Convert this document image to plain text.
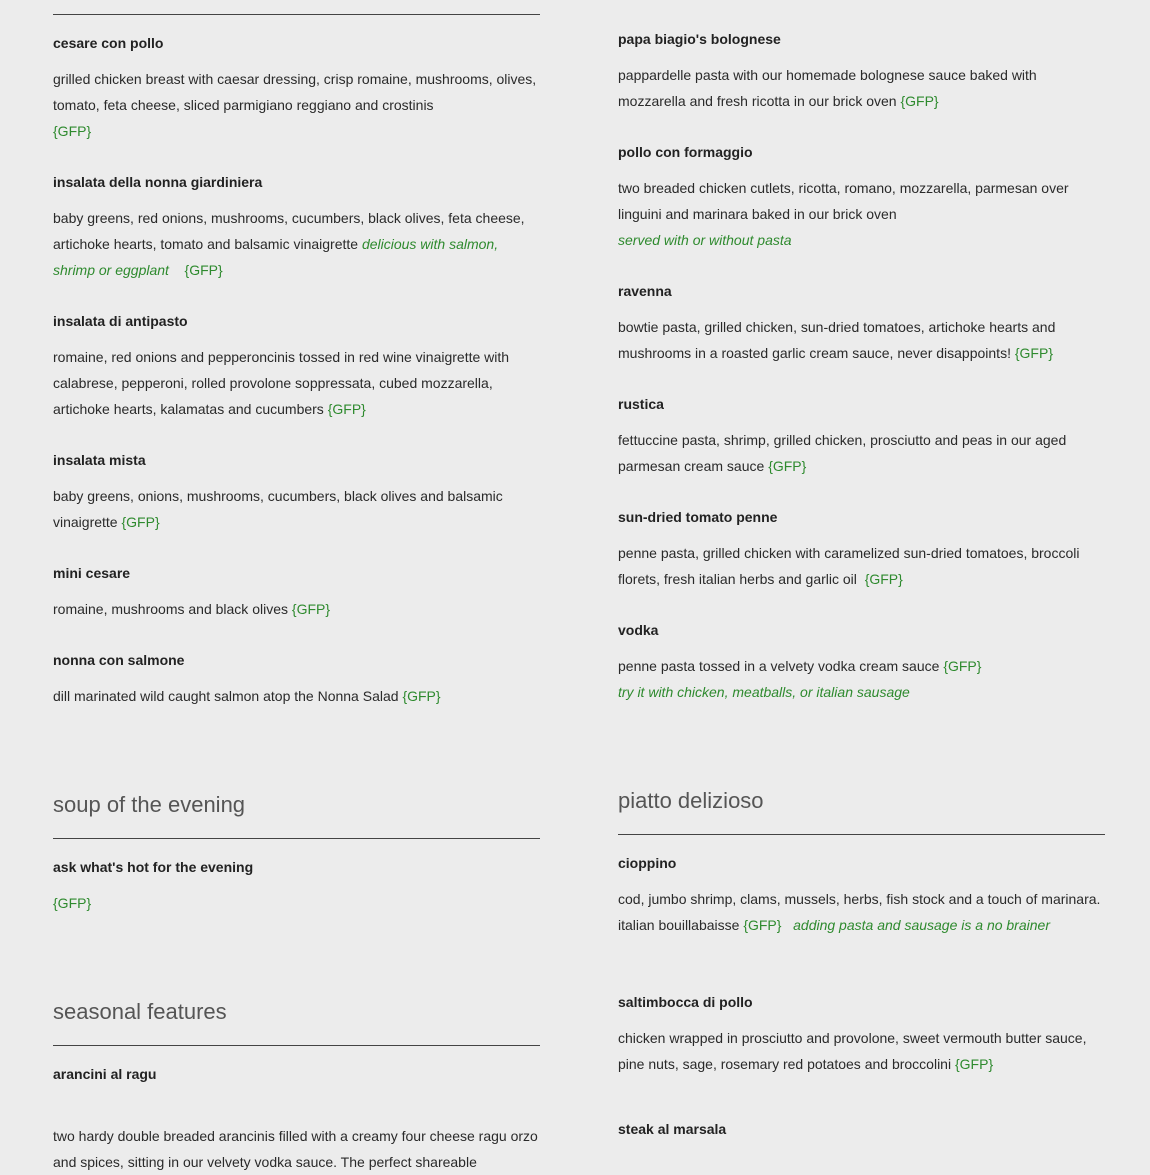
cesare con pollo

grilled chicken breast with caesar dressing, crisp romaine, mushrooms, olives, tomato, feta cheese, sliced parmigiano reggiano and crostinis
{GFP}

insalata della nonna giardiniera

baby greens, red onions, mushrooms, cucumbers, black olives, feta cheese, artichoke hearts, tomato and balsamic vinaigrette delicious with salmon, shrimp or eggplant {GFP}

insalata di antipasto

romaine, red onions and pepperoncinis tossed in red wine vinaigrette with calabrese, pepperoni, rolled provolone soppressata, cubed mozzarella, artichoke hearts, kalamatas and cucumbers {GFP}

insalata mista

baby greens, onions, mushrooms, cucumbers, black olives and balsamic vinaigrette {GFP}

mini cesare

romaine, mushrooms and black olives {GFP}

nonna con salmone

dill marinated wild caught salmon atop the Nonna Salad {GFP}

soup of the evening

ask what's hot for the evening

{GFP}

seasonal features

arancini al ragu

two hardy double breaded arancinis filled with a creamy four cheese ragu orzo and spices, sitting in our velvety vodka sauce. The perfect shareable

papa biagio's bolognese

pappardelle pasta with our homemade bolognese sauce baked with mozzarella and fresh ricotta in our brick oven {GFP}

pollo con formaggio

two breaded chicken cutlets, ricotta, romano, mozzarella, parmesan over linguini and marinara baked in our brick oven
served with or without pasta

ravenna

bowtie pasta, grilled chicken, sun-dried tomatoes, artichoke hearts and mushrooms in a roasted garlic cream sauce, never disappoints! {GFP}

rustica

fettuccine pasta, shrimp, grilled chicken, prosciutto and peas in our aged parmesan cream sauce {GFP}

sun-dried tomato penne

penne pasta, grilled chicken with caramelized sun-dried tomatoes, broccoli florets, fresh italian herbs and garlic oil {GFP}

vodka

penne pasta tossed in a velvety vodka cream sauce {GFP}
try it with chicken, meatballs, or italian sausage

piatto delizioso

cioppino

cod, jumbo shrimp, clams, mussels, herbs, fish stock and a touch of marinara. italian bouillabaisse {GFP} adding pasta and sausage is a no brainer

saltimbocca di pollo

chicken wrapped in prosciutto and provolone, sweet vermouth butter sauce, pine nuts, sage, rosemary red potatoes and broccolini {GFP}

steak al marsala
